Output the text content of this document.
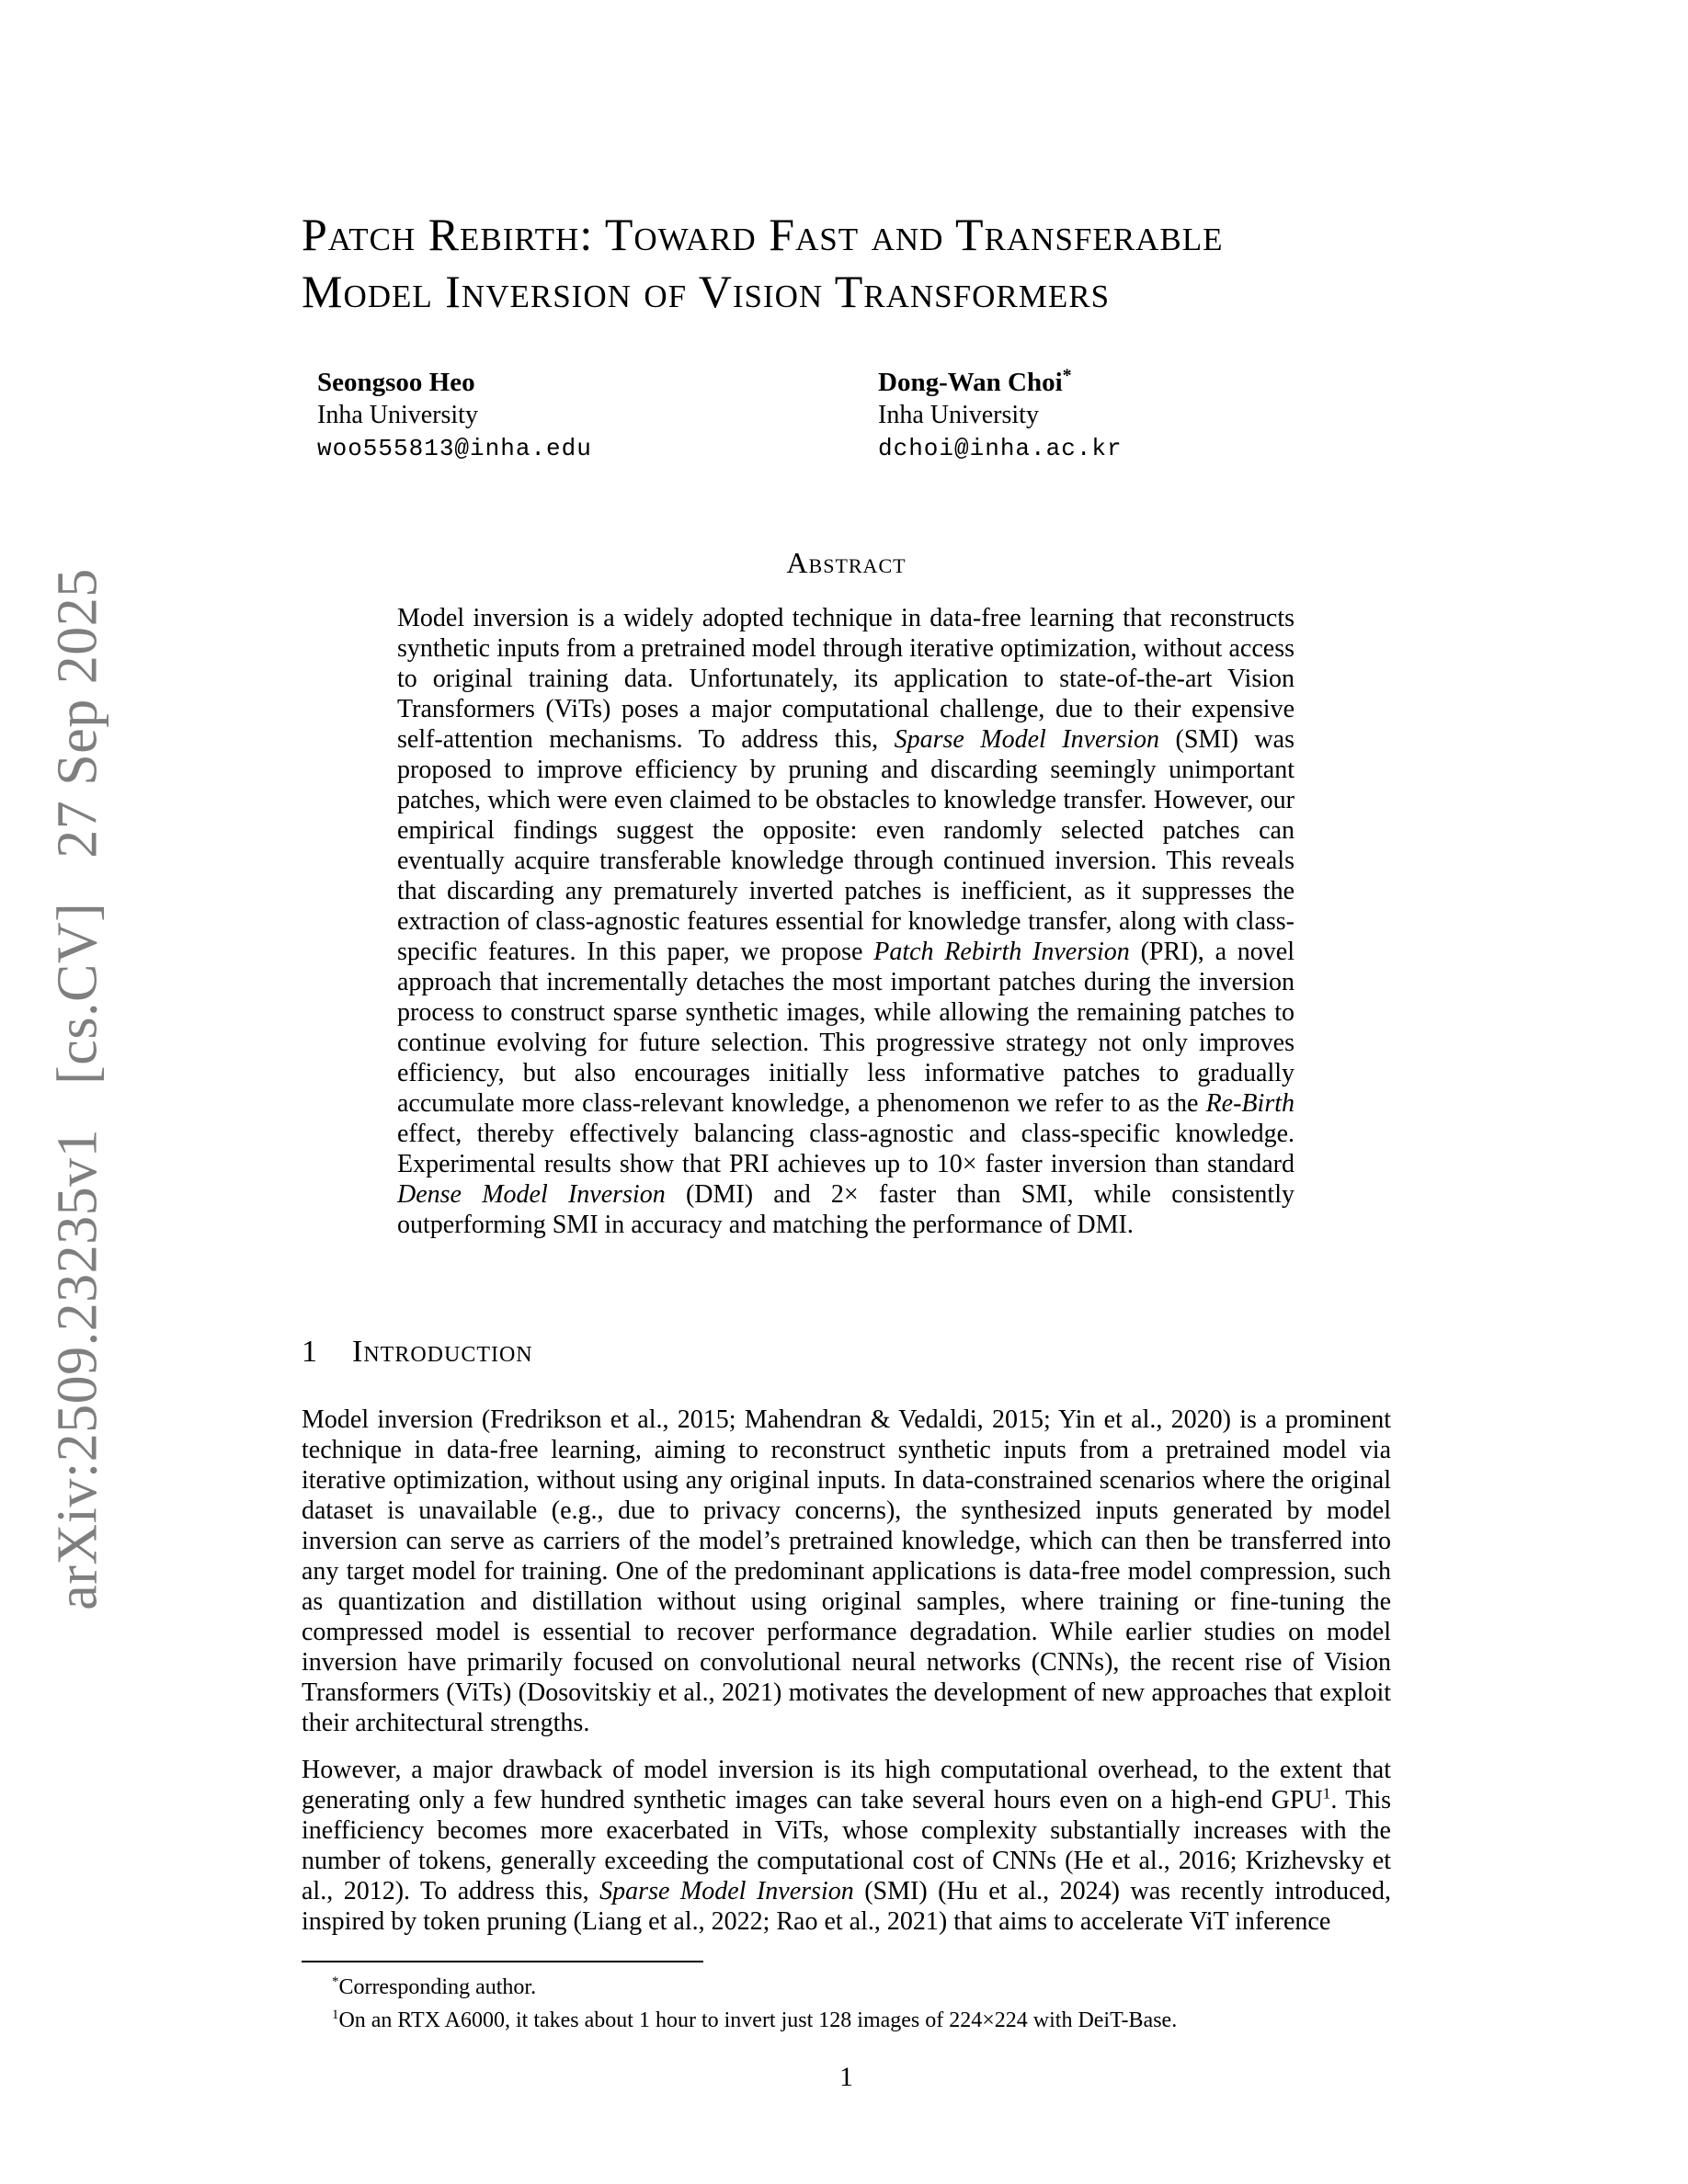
arXiv:2509.23235v1 [cs.CV] 27 Sep 2025
Patch Rebirth: Toward Fast and Transferable
Model Inversion of Vision Transformers
Seongsoo Heo
Inha University
woo555813@inha.edu
Dong-Wan Choi*
Inha University
dchoi@inha.ac.kr
Abstract
Model inversion is a widely adopted technique in data-free learning that reconstructs synthetic inputs from a pretrained model through iterative optimization, without access to original training data. Unfortunately, its application to state-of-the-art Vision Transformers (ViTs) poses a major computational challenge, due to their expensive self-attention mechanisms. To address this, Sparse Model Inversion (SMI) was proposed to improve efficiency by pruning and discarding seemingly unimportant patches, which were even claimed to be obstacles to knowledge transfer. However, our empirical findings suggest the opposite: even randomly selected patches can eventually acquire transferable knowledge through continued inversion. This reveals that discarding any prematurely inverted patches is inefficient, as it suppresses the extraction of class-agnostic features essential for knowledge transfer, along with class-specific features. In this paper, we propose Patch Rebirth Inversion (PRI), a novel approach that incrementally detaches the most important patches during the inversion process to construct sparse synthetic images, while allowing the remaining patches to continue evolving for future selection. This progressive strategy not only improves efficiency, but also encourages initially less informative patches to gradually accumulate more class-relevant knowledge, a phenomenon we refer to as the Re-Birth effect, thereby effectively balancing class-agnostic and class-specific knowledge. Experimental results show that PRI achieves up to 10× faster inversion than standard Dense Model Inversion (DMI) and 2× faster than SMI, while consistently outperforming SMI in accuracy and matching the performance of DMI.
1 Introduction
Model inversion (Fredrikson et al., 2015; Mahendran & Vedaldi, 2015; Yin et al., 2020) is a prominent technique in data-free learning, aiming to reconstruct synthetic inputs from a pretrained model via iterative optimization, without using any original inputs. In data-constrained scenarios where the original dataset is unavailable (e.g., due to privacy concerns), the synthesized inputs generated by model inversion can serve as carriers of the model’s pretrained knowledge, which can then be transferred into any target model for training. One of the predominant applications is data-free model compression, such as quantization and distillation without using original samples, where training or fine-tuning the compressed model is essential to recover performance degradation. While earlier studies on model inversion have primarily focused on convolutional neural networks (CNNs), the recent rise of Vision Transformers (ViTs) (Dosovitskiy et al., 2021) motivates the development of new approaches that exploit their architectural strengths.
However, a major drawback of model inversion is its high computational overhead, to the extent that generating only a few hundred synthetic images can take several hours even on a high-end GPU$^1$. This inefficiency becomes more exacerbated in ViTs, whose complexity substantially increases with the number of tokens, generally exceeding the computational cost of CNNs (He et al., 2016; Krizhevsky et al., 2012). To address this, Sparse Model Inversion (SMI) (Hu et al., 2024) was recently introduced, inspired by token pruning (Liang et al., 2022; Rao et al., 2021) that aims to accelerate ViT inference
*Corresponding author.
$^1$On an RTX A6000, it takes about 1 hour to invert just 128 images of 224×224 with DeiT-Base.
1
